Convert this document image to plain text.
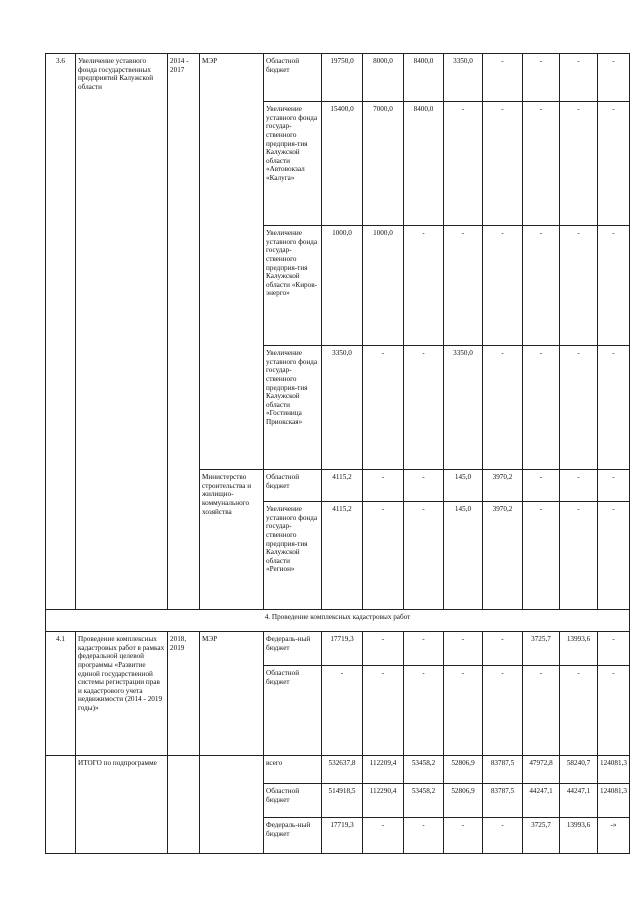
3.6	Увеличение уставного фонда государственных предприятий Калужской области	2014 - 2017	МЭР	Областной бюджет	19750,0	8000,0	8400,0	3350,0	-	-	-	-
				Увеличение уставного фонда государ-ственного предприя-тия Калужской области «Автовокзал «Калуга»	15400,0	7000,0	8400,0	-	-	-	-	-
				Увеличение уставного фонда государ-ственного предприя-тия Калужской области «Киров-энерго»	1000,0	1000,0	-	-	-	-	-	-
				Увеличение уставного фонда государ-ственного предприя-тия Калужской области «Гостиница Приокская»	3350,0	-	-	3350,0	-	-	-	-
			Министерство строительства и жилищно-коммунального хозяйства	Областной бюджет	4115,2	-	-	145,0	3970,2	-	-	-
				Увеличение уставного фонда государ-ственного предприя-тия Калужской области «Регион»	4115,2	-	-	145,0	3970,2	-	-	-
4. Проведение комплексных кадастровых работ												
4.1	Проведение комплексных кадастровых работ в рамках федеральной целевой программы «Развитие единой государственной системы регистрации прав и кадастрового учета недвижимости (2014 - 2019 годы)»	2018, 2019	МЭР	Федераль-ный бюджет	17719,3	-	-	-	-	3725,7	13993,6	-
				Областной бюджет	-	-	-	-	-	-	-	-
	ИТОГО по подпрограмме			всего	532637,8	112209,4	53458,2	52806,9	83787,5	47972,8	58240,7	124081,3
				Областной бюджет	514918,5	112290,4	53458,2	52806,9	83787,5	44247,1	44247,1	124081,3
				Федераль-ный бюджет	17719,3	-	-	-	-	3725,7	13993,6	-»
